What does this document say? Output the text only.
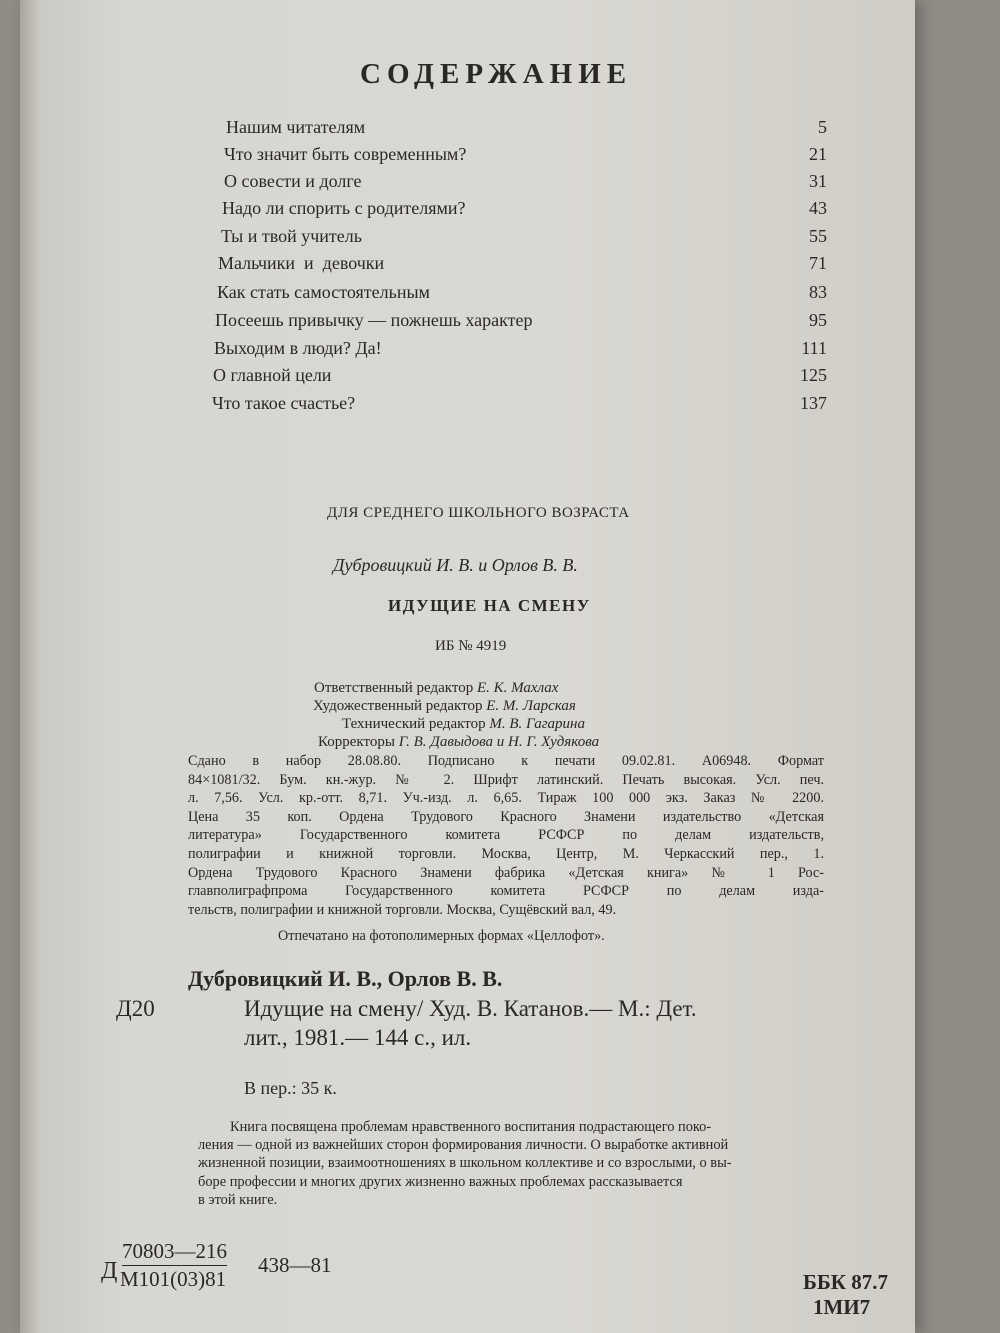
СОДЕРЖАНИЕ
Нашим читателям	5
Что значит быть современным?	21
О совести и долге	31
Надо ли спорить с родителями?	43
Ты и твой учитель	55
Мальчики  и  девочки	71
Как стать самостоятельным	83
Посеешь привычку — пожнешь характер	95
Выходим в люди? Да!	111
О главной цели	125
Что такое счастье?	137
ДЛЯ СРЕДНЕГО ШКОЛЬНОГО ВОЗРАСТА
Дубровицкий И. В. и Орлов В. В.
ИДУЩИЕ НА СМЕНУ
ИБ № 4919
Ответственный редактор Е. К. Махлах
Художественный редактор Е. М. Ларская
Технический редактор М. В. Гагарина
Корректоры Г. В. Давыдова и Н. Г. Худякова
Сдано в набор 28.08.80. Подписано к печати 09.02.81. А06948. Формат
84×1081/32. Бум. кн.-жур. № 2. Шрифт латинский. Печать высокая. Усл. печ.
л. 7,56. Усл. кр.-отт. 8,71. Уч.-изд. л. 6,65. Тираж 100 000 экз. Заказ № 2200.
Цена 35 коп. Ордена Трудового Красного Знамени издательство «Детская
литература» Государственного комитета РСФСР по делам издательств,
полиграфии и книжной торговли. Москва, Центр, М. Черкасский пер., 1.
Ордена Трудового Красного Знамени фабрика «Детская книга» № 1 Рос-
главполиграфпрома Государственного комитета РСФСР по делам изда-
тельств, полиграфии и книжной торговли. Москва, Сущёвский вал, 49.
Отпечатано на фотополимерных формах «Целлофот».
Дубровицкий И. В., Орлов В. В.
Д20	Идущие на смену/ Худ. В. Катанов.— М.: Дет.
лит., 1981.— 144 с., ил.
В пер.: 35 к.
Книга посвящена проблемам нравственного воспитания подрастающего поко-
ления — одной из важнейших сторон формирования личности. О выработке активной
жизненной позиции, взаимоотношениях в школьном коллективе и со взрослыми, о вы-
боре профессии и многих других жизненно важных проблемах рассказывается
в этой книге.
Д
70803—216
М101(03)81
438—81
ББК 87.7
1МИ7
